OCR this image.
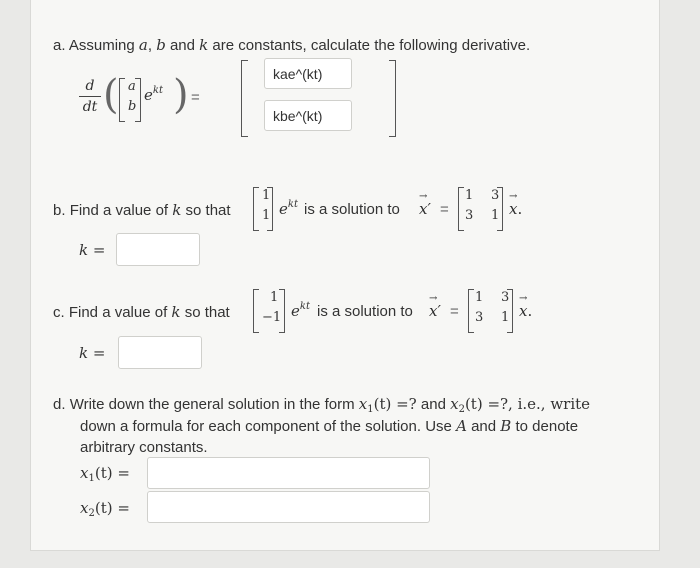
a. Assuming a, b and k are constants, calculate the following derivative.
d
dt ( a
b
$e^{kt}$ ) =
kae^(kt)
kbe^(kt)
b. Find a value of k so that
1
1 $e^{kt}$ is a solution to
→
x′ =
1 3
3 1
→
x.
k =
c. Find a value of k so that
1
−1 $e^{kt}$ is a solution to
→
x′ =
1 3
3 1
→
x.
k =
d. Write down the general solution in the form $x_1(t)$ =? and $x_2(t)$ =?, i.e., write
down a formula for each component of the solution. Use A and B to denote
arbitrary constants.
$x_1(t)$ =
$x_2(t)$ =
